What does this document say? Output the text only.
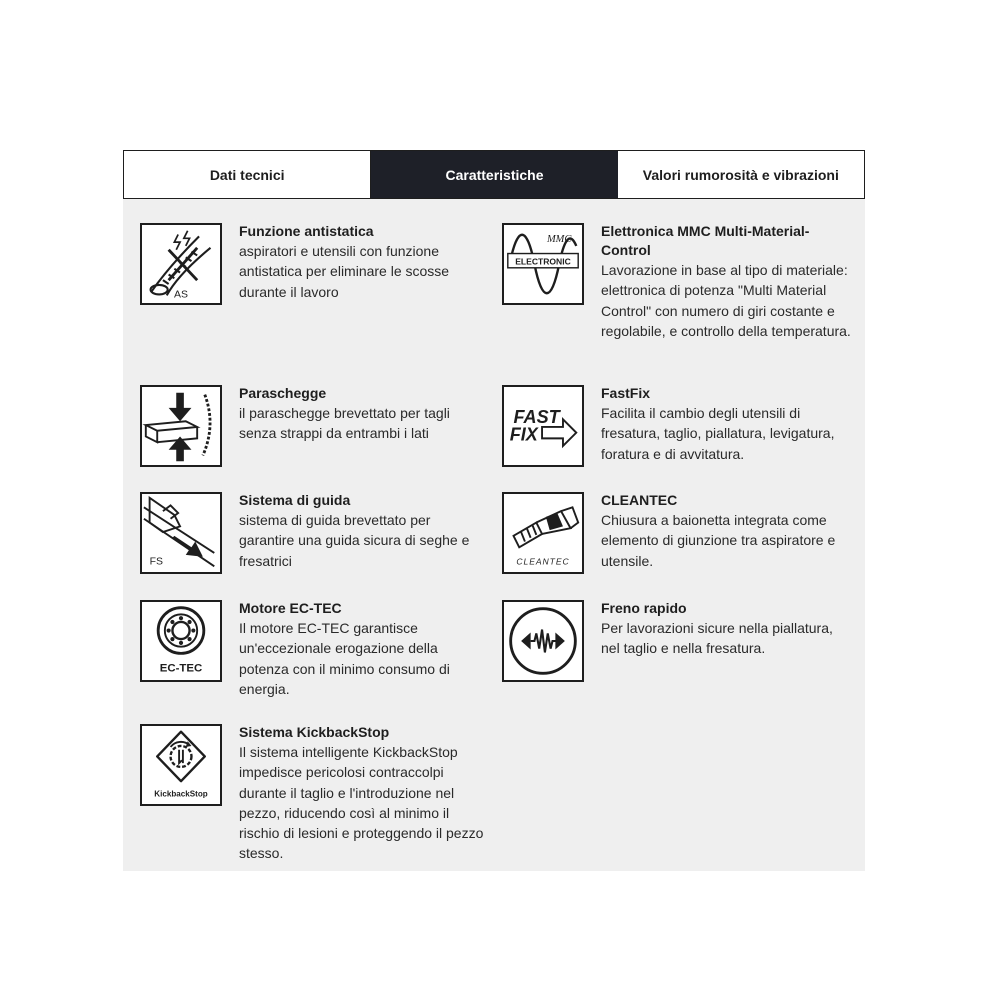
Dati tecnici	Caratteristiche	Valori rumorosità e vibrazioni
AS

Funzione antistatica

aspiratori e utensili con funzione antistatica per eliminare le scosse durante il lavoro

MMC
ELECTRONIC

Elettronica MMC Multi-Material-Control

Lavorazione in base al tipo di materiale: elettronica di potenza "Multi Material Control" con numero di giri costante e regolabile, e controllo della temperatura.

Paraschegge

il paraschegge brevettato per tagli senza strappi da entrambi i lati

FAST
FIX

FastFix

Facilita il cambio degli utensili di fresatura, taglio, piallatura, levigatura, foratura e di avvitatura.

FS

Sistema di guida

sistema di guida brevettato per garantire una guida sicura di seghe e fresatrici	CLEANTEC

CLEANTEC

Chiusura a baionetta integrata come elemento di giunzione tra aspiratore e utensile.

EC-TEC

Motore EC-TEC

Il motore EC-TEC garantisce un'eccezionale erogazione della potenza con il minimo consumo di energia.

Freno rapido

Per lavorazioni sicure nella piallatura, nel taglio e nella fresatura.

KickbackStop

Sistema KickbackStop

Il sistema intelligente KickbackStop impedisce pericolosi contraccolpi durante il taglio e l'introduzione nel pezzo, riducendo così al minimo il rischio di lesioni e proteggendo il pezzo stesso.
